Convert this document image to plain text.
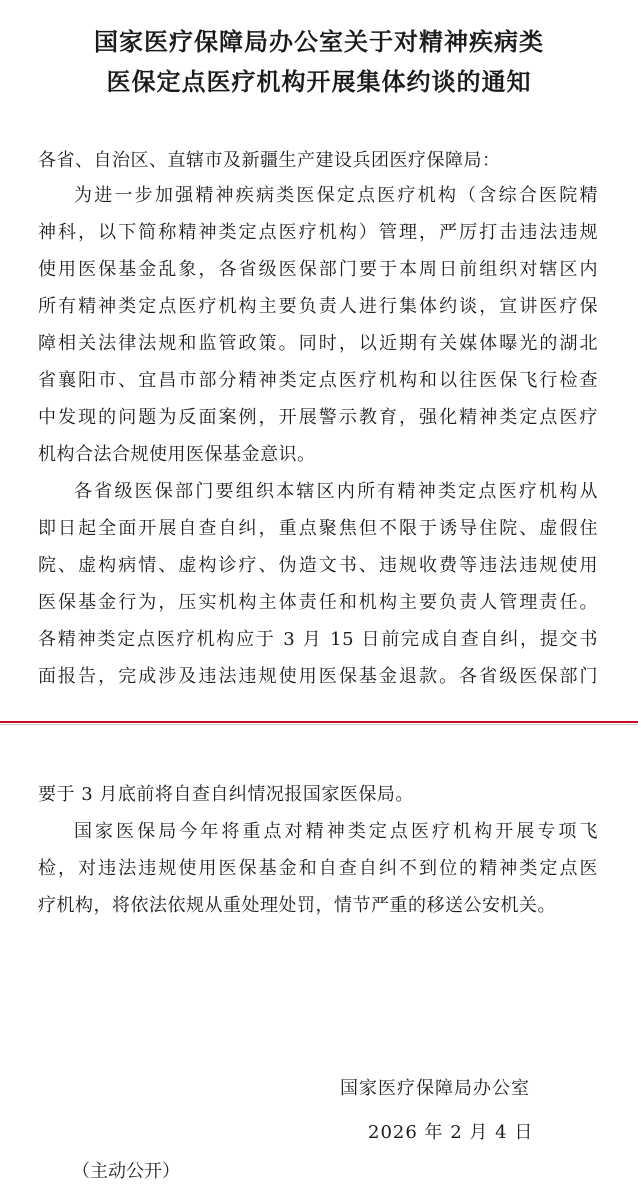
国家医疗保障局办公室关于对精神疾病类
医保定点医疗机构开展集体约谈的通知
各省、自治区、直辖市及新疆生产建设兵团医疗保障局：
为进一步加强精神疾病类医保定点医疗机构（含综合医院精
神科，以下简称精神类定点医疗机构）管理，严厉打击违法违规
使用医保基金乱象，各省级医保部门要于本周日前组织对辖区内
所有精神类定点医疗机构主要负责人进行集体约谈，宣讲医疗保
障相关法律法规和监管政策。同时，以近期有关媒体曝光的湖北
省襄阳市、宜昌市部分精神类定点医疗机构和以往医保飞行检查
中发现的问题为反面案例，开展警示教育，强化精神类定点医疗
机构合法合规使用医保基金意识。
各省级医保部门要组织本辖区内所有精神类定点医疗机构从
即日起全面开展自查自纠，重点聚焦但不限于诱导住院、虚假住
院、虚构病情、虚构诊疗、伪造文书、违规收费等违法违规使用
医保基金行为，压实机构主体责任和机构主要负责人管理责任。
各精神类定点医疗机构应于 3 月 15 日前完成自查自纠，提交书
面报告，完成涉及违法违规使用医保基金退款。各省级医保部门
要于 3 月底前将自查自纠情况报国家医保局。
国家医保局今年将重点对精神类定点医疗机构开展专项飞
检，对违法违规使用医保基金和自查自纠不到位的精神类定点医
疗机构，将依法依规从重处理处罚，情节严重的移送公安机关。
国家医疗保障局办公室
2026 年 2 月 4 日
（主动公开）
